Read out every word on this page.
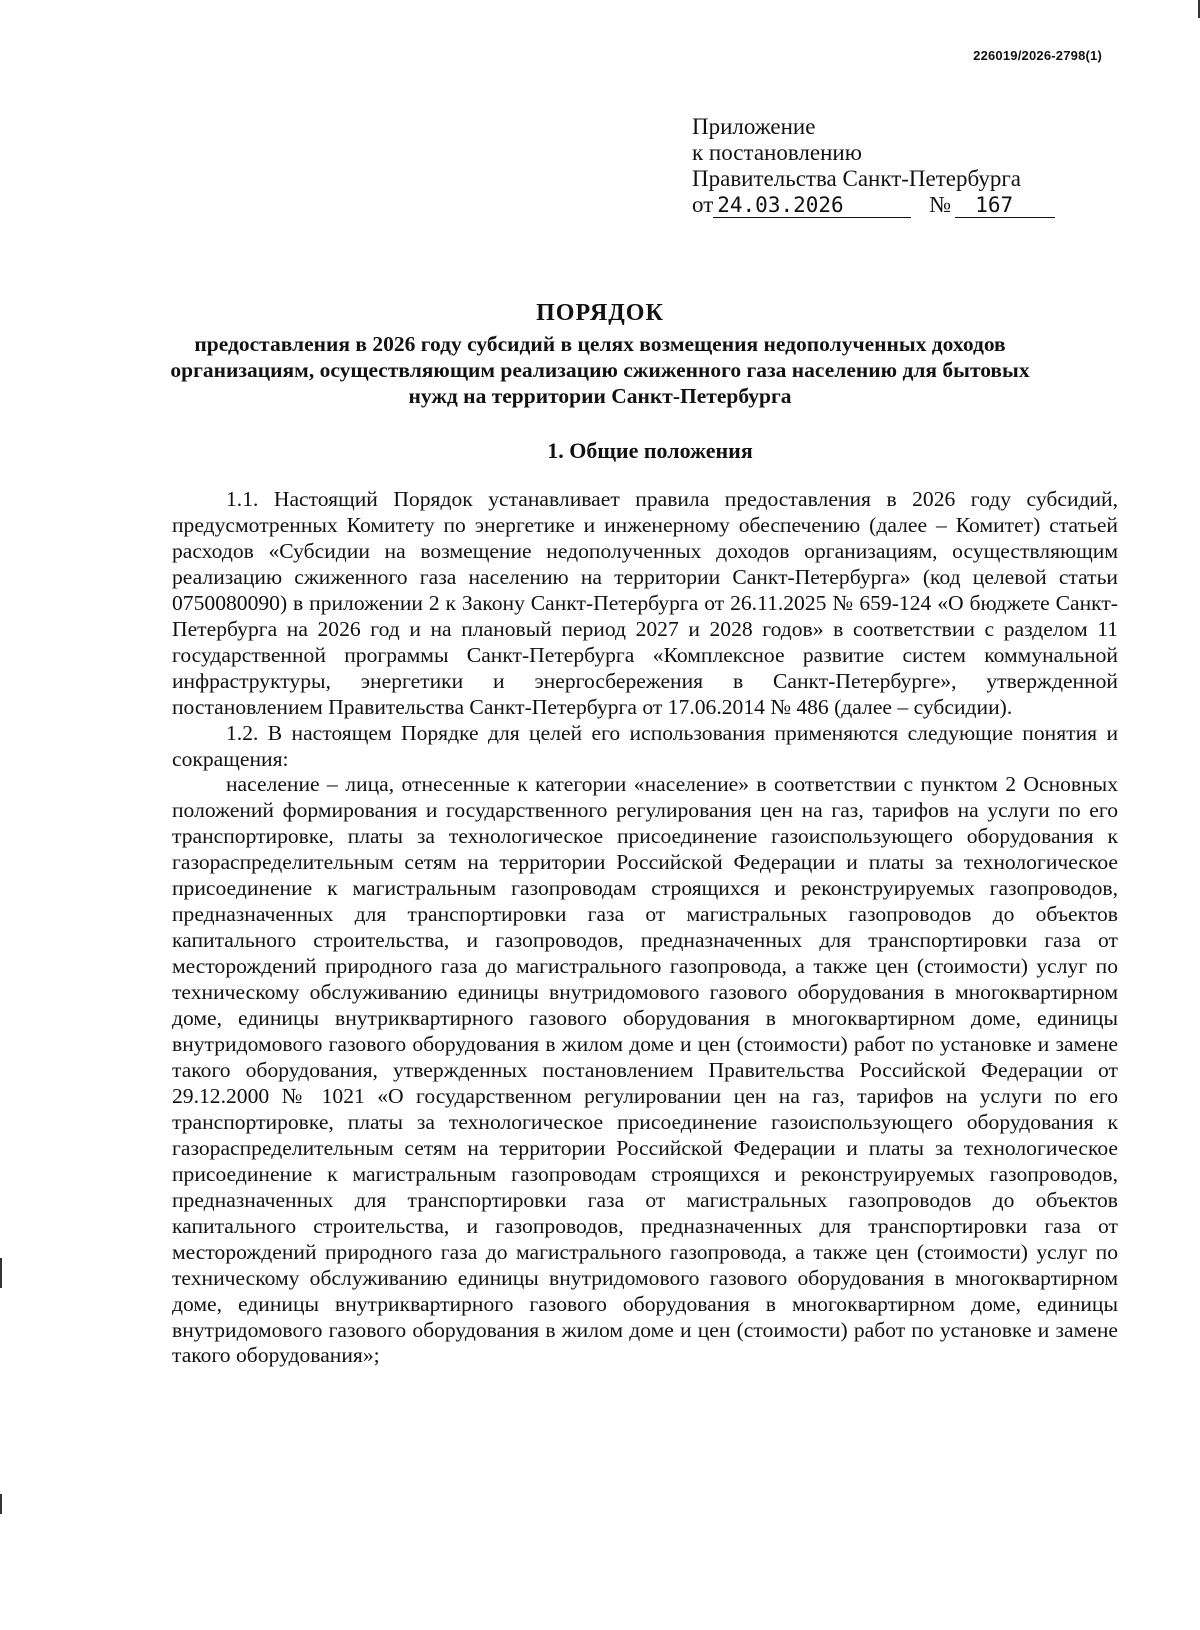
226019/2026-2798(1)
Приложение
к постановлению
Правительства Санкт-Петербурга
от 24.03.2026	№	167
ПОРЯДОК
предоставления в 2026 году субсидий в целях возмещения недополученных доходов организациям, осуществляющим реализацию сжиженного газа населению для бытовых нужд на территории Санкт-Петербурга
1. Общие положения

1.1. Настоящий Порядок устанавливает правила предоставления в 2026 году субсидий, предусмотренных Комитету по энергетике и инженерному обеспечению (далее – Комитет) статьей расходов «Субсидии на возмещение недополученных доходов организациям, осуществляющим реализацию сжиженного газа населению на территории Санкт-Петербурга» (код целевой статьи 0750080090) в приложении 2 к Закону Санкт-Петербурга от 26.11.2025 № 659-124 «О бюджете Санкт-Петербурга на 2026 год и на плановый период 2027 и 2028 годов» в соответствии с разделом 11 государственной программы Санкт-Петербурга «Комплексное развитие систем коммунальной инфраструктуры, энергетики и энергосбережения в Санкт-Петербурге», утвержденной постановлением Правительства Санкт-Петербурга от 17.06.2014 № 486 (далее – субсидии).

1.2. В настоящем Порядке для целей его использования применяются следующие понятия и сокращения:

население – лица, отнесенные к категории «население» в соответствии с пунктом 2 Основных положений формирования и государственного регулирования цен на газ, тарифов на услуги по его транспортировке, платы за технологическое присоединение газоиспользующего оборудования к газораспределительным сетям на территории Российской Федерации и платы за технологическое присоединение к магистральным газопроводам строящихся и реконструируемых газопроводов, предназначенных для транспортировки газа от магистральных газопроводов до объектов капитального строительства, и газопроводов, предназначенных для транспортировки газа от месторождений природного газа до магистрального газопровода, а также цен (стоимости) услуг по техническому обслуживанию единицы внутридомового газового оборудования в многоквартирном доме, единицы внутриквартирного газового оборудования в многоквартирном доме, единицы внутридомового газового оборудования в жилом доме и цен (стоимости) работ по установке и замене такого оборудования, утвержденных постановлением Правительства Российской Федерации от 29.12.2000 № 1021 «О государственном регулировании цен на газ, тарифов на услуги по его транспортировке, платы за технологическое присоединение газоиспользующего оборудования к газораспределительным сетям на территории Российской Федерации и платы за технологическое присоединение к магистральным газопроводам строящихся и реконструируемых газопроводов, предназначенных для транспортировки газа от магистральных газопроводов до объектов капитального строительства, и газопроводов, предназначенных для транспортировки газа от месторождений природного газа до магистрального газопровода, а также цен (стоимости) услуг по техническому обслуживанию единицы внутридомового газового оборудования в многоквартирном доме, единицы внутриквартирного газового оборудования в многоквартирном доме, единицы внутридомового газового оборудования в жилом доме и цен (стоимости) работ по установке и замене такого оборудования»;
